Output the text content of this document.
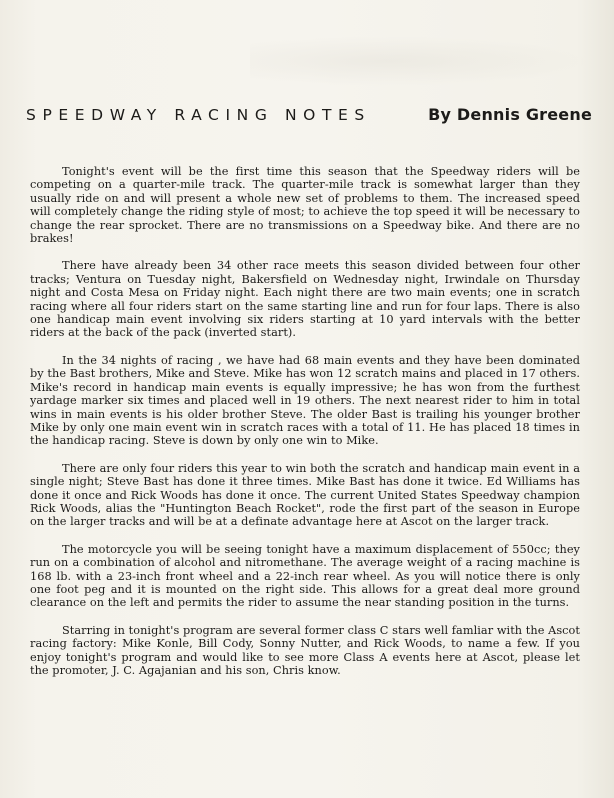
SPEEDWAY RACING NOTES	By Dennis Greene

Tonight's event will be the first time this season that the Speedway riders will be competing on a quarter-mile track. The quarter-mile track is somewhat larger than they usually ride on and will present a whole new set of problems to them. The increased speed will completely change the riding style of most; to achieve the top speed it will be necessary to change the rear sprocket. There are no transmissions on a Speedway bike. And there are no brakes!

There have already been 34 other race meets this season divided between four other tracks; Ventura on Tuesday night, Bakersfield on Wednesday night, Irwindale on Thursday night and Costa Mesa on Friday night. Each night there are two main events; one in scratch racing where all four riders start on the same starting line and run for four laps. There is also one handicap main event involving six riders starting at 10 yard intervals with the better riders at the back of the pack (inverted start).

In the 34 nights of racing , we have had 68 main events and they have been dominated by the Bast brothers, Mike and Steve. Mike has won 12 scratch mains and placed in 17 others. Mike's record in handicap main events is equally impressive; he has won from the furthest yardage marker six times and placed well in 19 others. The next nearest rider to him in total wins in main events is his older brother Steve. The older Bast is trailing his younger brother Mike by only one main event win in scratch races with a total of 11. He has placed 18 times in the handicap racing. Steve is down by only one win to Mike.

There are only four riders this year to win both the scratch and handicap main event in a single night; Steve Bast has done it three times. Mike Bast has done it twice. Ed Williams has done it once and Rick Woods has done it once. The current United States Speedway champion Rick Woods, alias the "Huntington Beach Rocket", rode the first part of the season in Europe on the larger tracks and will be at a definate advantage here at Ascot on the larger track.

The motorcycle you will be seeing tonight have a maximum displacement of 550cc; they run on a combination of alcohol and nitromethane. The average weight of a racing machine is 168 lb. with a 23-inch front wheel and a 22-inch rear wheel. As you will notice there is only one foot peg and it is mounted on the right side. This allows for a great deal more ground clearance on the left and permits the rider to assume the near standing position in the turns.

Starring in tonight's program are several former class C stars well famliar with the Ascot racing factory: Mike Konle, Bill Cody, Sonny Nutter, and Rick Woods, to name a few. If you enjoy tonight's program and would like to see more Class A events here at Ascot, please let the promoter, J. C. Agajanian and his son, Chris know.
